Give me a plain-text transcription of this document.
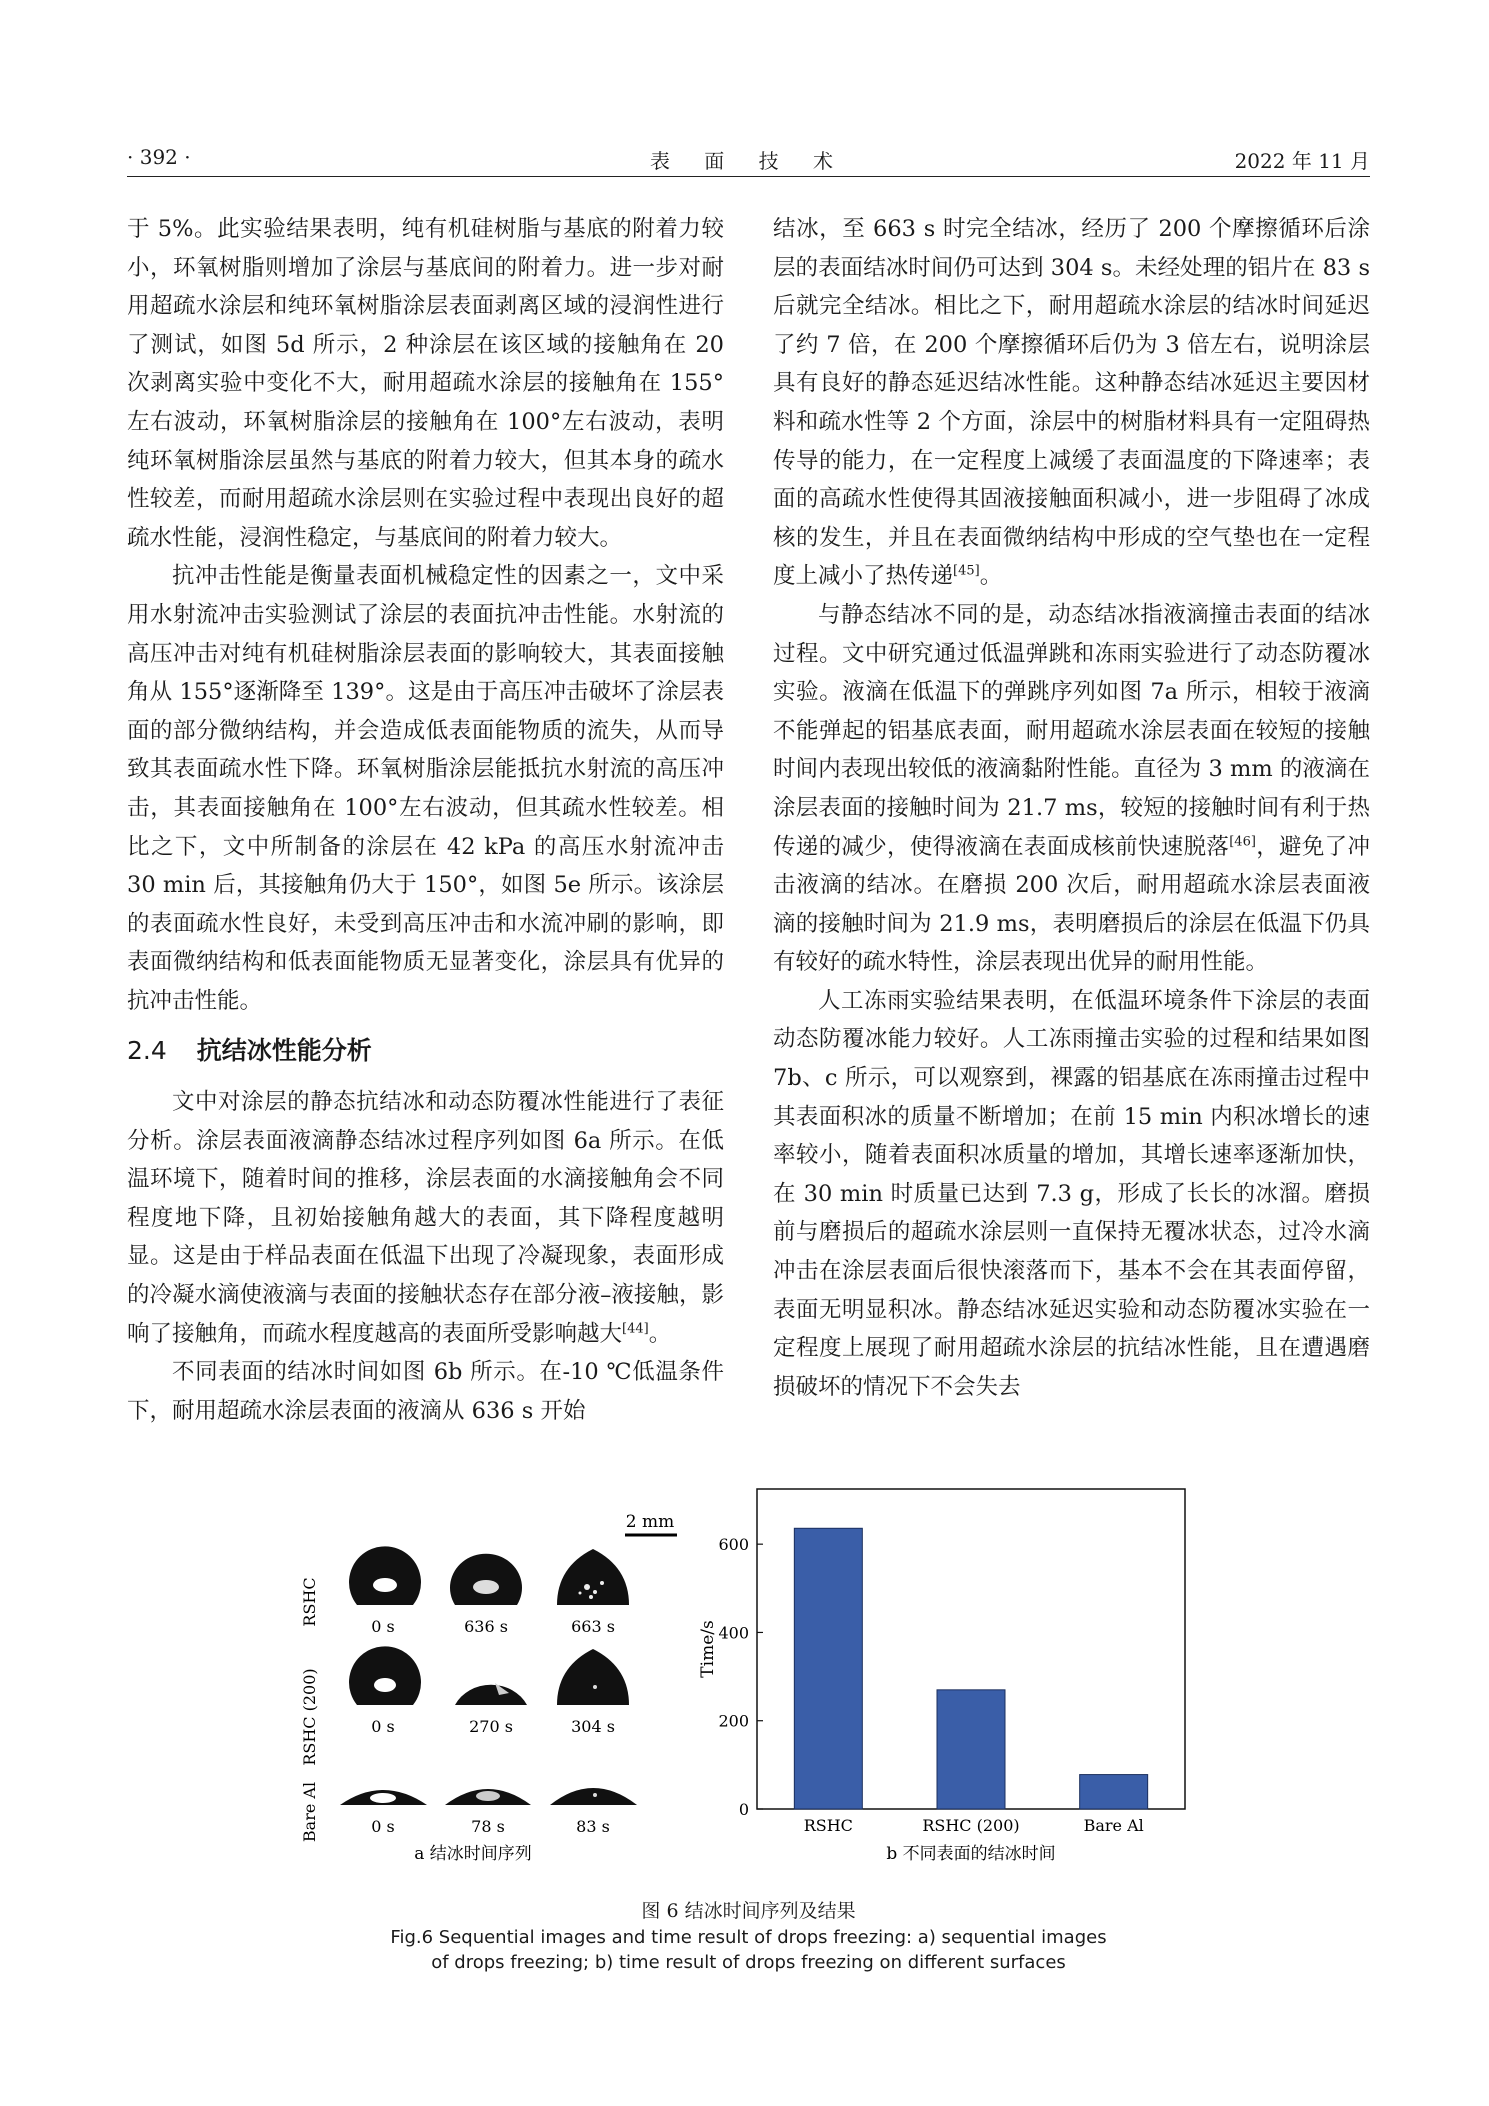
· 392 ·	表 面 技 术	2022 年 11 月

于 5%。此实验结果表明，纯有机硅树脂与基底的附着力较小，环氧树脂则增加了涂层与基底间的附着力。进一步对耐用超疏水涂层和纯环氧树脂涂层表面剥离区域的浸润性进行了测试，如图 5d 所示，2 种涂层在该区域的接触角在 20 次剥离实验中变化不大，耐用超疏水涂层的接触角在 155°左右波动，环氧树脂涂层的接触角在 100°左右波动，表明纯环氧树脂涂层虽然与基底的附着力较大，但其本身的疏水性较差，而耐用超疏水涂层则在实验过程中表现出良好的超疏水性能，浸润性稳定，与基底间的附着力较大。

抗冲击性能是衡量表面机械稳定性的因素之一，文中采用水射流冲击实验测试了涂层的表面抗冲击性能。水射流的高压冲击对纯有机硅树脂涂层表面的影响较大，其表面接触角从 155°逐渐降至 139°。这是由于高压冲击破坏了涂层表面的部分微纳结构，并会造成低表面能物质的流失，从而导致其表面疏水性下降。环氧树脂涂层能抵抗水射流的高压冲击，其表面接触角在 100°左右波动，但其疏水性较差。相比之下，文中所制备的涂层在 42 kPa 的高压水射流冲击 30 min 后，其接触角仍大于 150°，如图 5e 所示。该涂层的表面疏水性良好，未受到高压冲击和水流冲刷的影响，即表面微纳结构和低表面能物质无显著变化，涂层具有优异的抗冲击性能。

2.4 抗结冰性能分析

文中对涂层的静态抗结冰和动态防覆冰性能进行了表征分析。涂层表面液滴静态结冰过程序列如图 6a 所示。在低温环境下，随着时间的推移，涂层表面的水滴接触角会不同程度地下降，且初始接触角越大的表面，其下降程度越明显。这是由于样品表面在低温下出现了冷凝现象，表面形成的冷凝水滴使液滴与表面的接触状态存在部分液–液接触，影响了接触角，而疏水程度越高的表面所受影响越大[44]。

不同表面的结冰时间如图 6b 所示。在-10 ℃低温条件下，耐用超疏水涂层表面的液滴从 636 s 开始

结冰，至 663 s 时完全结冰，经历了 200 个摩擦循环后涂层的表面结冰时间仍可达到 304 s。未经处理的铝片在 83 s 后就完全结冰。相比之下，耐用超疏水涂层的结冰时间延迟了约 7 倍，在 200 个摩擦循环后仍为 3 倍左右，说明涂层具有良好的静态延迟结冰性能。这种静态结冰延迟主要因材料和疏水性等 2 个方面，涂层中的树脂材料具有一定阻碍热传导的能力，在一定程度上减缓了表面温度的下降速率；表面的高疏水性使得其固液接触面积减小，进一步阻碍了冰成核的发生，并且在表面微纳结构中形成的空气垫也在一定程度上减小了热传递[45]。

与静态结冰不同的是，动态结冰指液滴撞击表面的结冰过程。文中研究通过低温弹跳和冻雨实验进行了动态防覆冰实验。液滴在低温下的弹跳序列如图 7a 所示，相较于液滴不能弹起的铝基底表面，耐用超疏水涂层表面在较短的接触时间内表现出较低的液滴黏附性能。直径为 3 mm 的液滴在涂层表面的接触时间为 21.7 ms，较短的接触时间有利于热传递的减少，使得液滴在表面成核前快速脱落[46]，避免了冲击液滴的结冰。在磨损 200 次后，耐用超疏水涂层表面液滴的接触时间为 21.9 ms，表明磨损后的涂层在低温下仍具有较好的疏水特性，涂层表现出优异的耐用性能。

人工冻雨实验结果表明，在低温环境条件下涂层的表面动态防覆冰能力较好。人工冻雨撞击实验的过程和结果如图 7b、c 所示，可以观察到，裸露的铝基底在冻雨撞击过程中其表面积冰的质量不断增加；在前 15 min 内积冰增长的速率较小，随着表面积冰质量的增加，其增长速率逐渐加快，在 30 min 时质量已达到 7.3 g，形成了长长的冰溜。磨损前与磨损后的超疏水涂层则一直保持无覆冰状态，过冷水滴冲击在涂层表面后很快滚落而下，基本不会在其表面停留，表面无明显积冰。静态结冰延迟实验和动态防覆冰实验在一定程度上展现了耐用超疏水涂层的抗结冰性能，且在遭遇磨损破坏的情况下不会失去

2 mm
RSHC	0 s	636 s	663 s
RSHC (200)	0 s	270 s	304 s
Bare Al	0 s	78 s	83 s
a 结冰时间序列
Time/s
0
200
400
600
RSHC	RSHC (200)	Bare Al
b 不同表面的结冰时间
图 6 结冰时间序列及结果
Fig.6 Sequential images and time result of drops freezing: a) sequential images
of drops freezing; b) time result of drops freezing on different surfaces
